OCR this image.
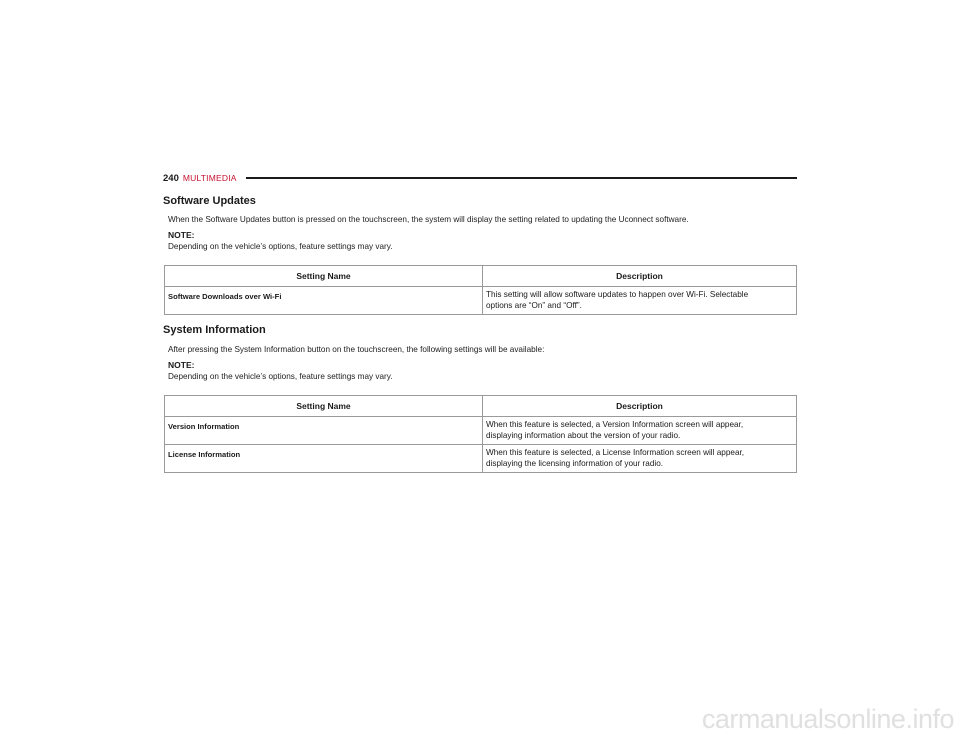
240 MULTIMEDIA
Software Updates

When the Software Updates button is pressed on the touchscreen, the system will display the setting related to updating the Uconnect software.

NOTE:

Depending on the vehicle’s options, feature settings may vary.

Setting Name	Description
Software Downloads over Wi-Fi	This setting will allow software updates to happen over Wi-Fi. Selectable
options are “On” and “Off”.
System Information

After pressing the System Information button on the touchscreen, the following settings will be available:

NOTE:

Depending on the vehicle’s options, feature settings may vary.

Setting Name	Description
Version Information	When this feature is selected, a Version Information screen will appear,
displaying information about the version of your radio.
License Information	When this feature is selected, a License Information screen will appear,
displaying the licensing information of your radio.
carmanualsonline.info
